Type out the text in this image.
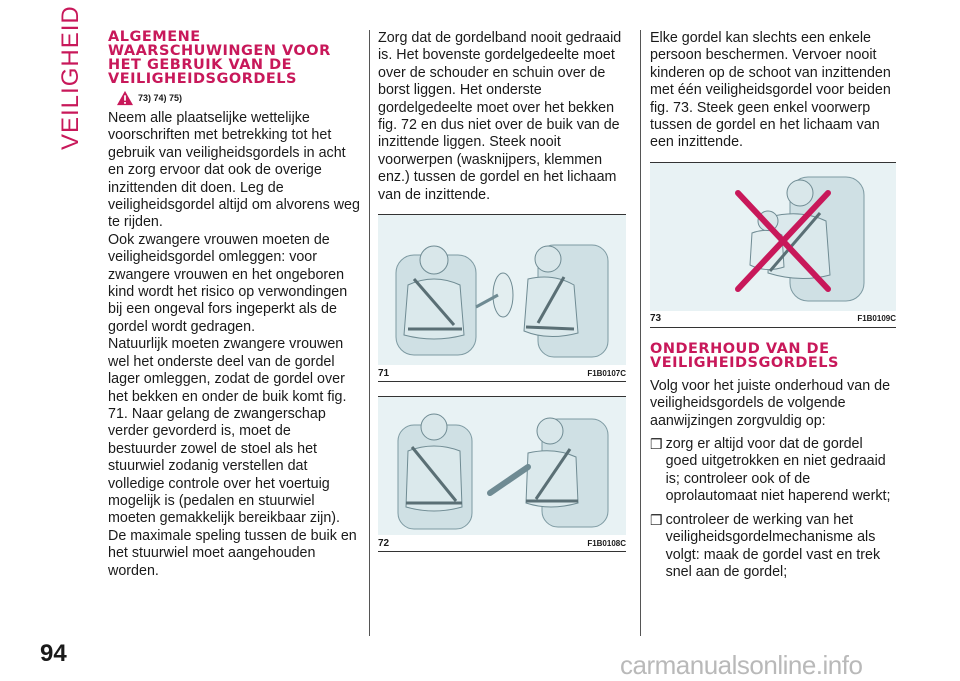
VEILIGHEID
94
ALGEMENE WAARSCHUWINGEN VOOR HET GEBRUIK VAN DE VEILIGHEIDSGORDELS
73) 74) 75)

Neem alle plaatselijke wettelijke voorschriften met betrekking tot het gebruik van veiligheidsgordels in acht en zorg ervoor dat ook de overige inzittenden dit doen. Leg de veiligheidsgordel altijd om alvorens weg te rijden.

Ook zwangere vrouwen moeten de veiligheidsgordel omleggen: voor zwangere vrouwen en het ongeboren kind wordt het risico op verwondingen bij een ongeval fors ingeperkt als de gordel wordt gedragen.

Natuurlijk moeten zwangere vrouwen wel het onderste deel van de gordel lager omleggen, zodat de gordel over het bekken en onder de buik komt fig. 71. Naar gelang de zwangerschap verder gevorderd is, moet de bestuurder zowel de stoel als het stuurwiel zodanig verstellen dat volledige controle over het voertuig mogelijk is (pedalen en stuurwiel moeten gemakkelijk bereikbaar zijn). De maximale speling tussen de buik en het stuurwiel moet aangehouden worden.

Zorg dat de gordelband nooit gedraaid is. Het bovenste gordelgedeelte moet over de schouder en schuin over de borst liggen. Het onderste gordelgedeelte moet over het bekken fig. 72 en dus niet over de buik van de inzittende liggen. Steek nooit voorwerpen (wasknijpers, klemmen enz.) tussen de gordel en het lichaam van de inzittende.

71	F1B0107C
72	F1B0108C

Elke gordel kan slechts een enkele persoon beschermen. Vervoer nooit kinderen op de schoot van inzittenden met één veiligheidsgordel voor beiden fig. 73. Steek geen enkel voorwerp tussen de gordel en het lichaam van een inzittende.

73	F1B0109C
ONDERHOUD VAN DE VEILIGHEIDSGORDELS

Volg voor het juiste onderhoud van de veiligheidsgordels de volgende aanwijzingen zorgvuldig op:

❒ zorg er altijd voor dat de gordel goed uitgetrokken en niet gedraaid is; controleer ook of de oprolautomaat niet haperend werkt;

❒ controleer de werking van het veiligheidsgordelmechanisme als volgt: maak de gordel vast en trek snel aan de gordel;

carmanualsonline.info
